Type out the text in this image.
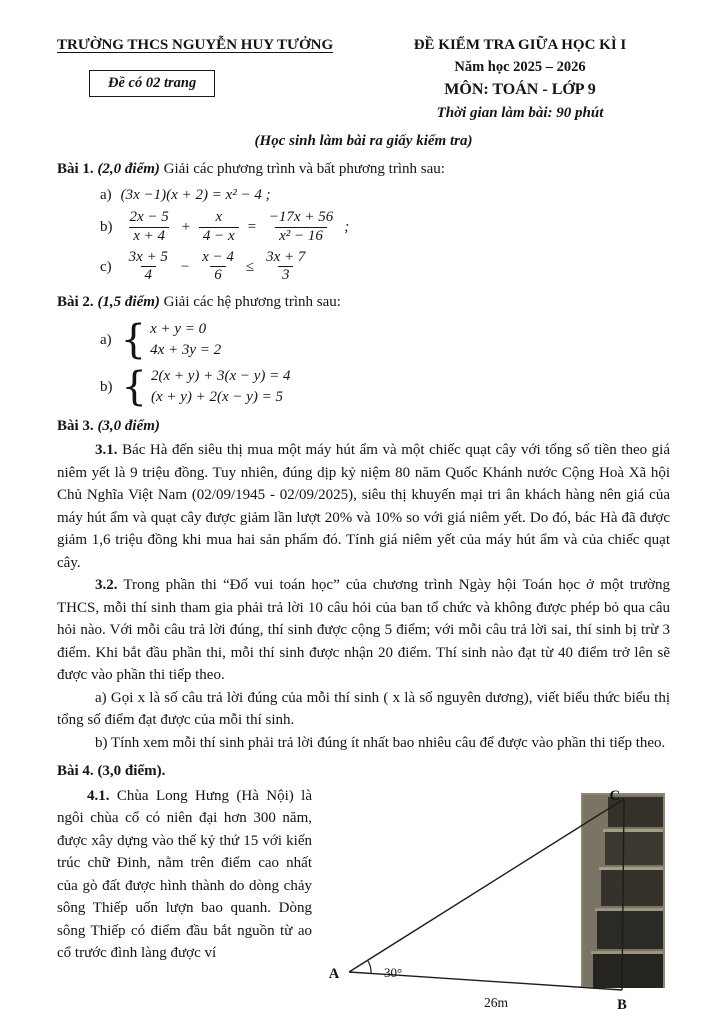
TRƯỜNG THCS NGUYỄN HUY TƯỞNG
Đề có 02 trang
ĐỀ KIỂM TRA GIỮA HỌC KÌ I
Năm học 2025 – 2026
MÔN: TOÁN - LỚP 9
Thời gian làm bài: 90 phút
(Học sinh làm bài ra giấy kiểm tra)

Bài 1. (2,0 điểm) Giải các phương trình và bất phương trình sau:

a) (3x −1)(x + 2) = x² − 4 ;
$b) \frac{2x - 5}{x + 4} + \frac{x}{4 - x} = \frac{-17x + 56}{\text{x² − 16}}$ ;
$c) \frac{3x + 5}{4} - \frac{x - 4}{6} \le \frac{3x + 7}{3}$

Bài 2. (1,5 điểm) Giải các hệ phương trình sau:

a) { x + y = 0
4x + 3y = 2
b) { 2(x + y) + 3(x − y) = 4
(x + y) + 2(x − y) = 5

Bài 3. (3,0 điểm)

3.1. Bác Hà đến siêu thị mua một máy hút ẩm và một chiếc quạt cây với tổng số tiền theo giá niêm yết là 9 triệu đồng. Tuy nhiên, đúng dịp kỷ niệm 80 năm Quốc Khánh nước Cộng Hoà Xã hội Chủ Nghĩa Việt Nam (02/09/1945 - 02/09/2025), siêu thị khuyến mại tri ân khách hàng nên giá của máy hút ẩm và quạt cây được giảm lần lượt 20% và 10% so với giá niêm yết. Do đó, bác Hà đã được giảm 1,6 triệu đồng khi mua hai sản phẩm đó. Tính giá niêm yết của máy hút ẩm và của chiếc quạt cây.

3.2. Trong phần thi “Đố vui toán học” của chương trình Ngày hội Toán học ở một trường THCS, mỗi thí sinh tham gia phải trả lời 10 câu hỏi của ban tổ chức và không được phép bỏ qua câu hỏi nào. Với mỗi câu trả lời đúng, thí sinh được cộng 5 điểm; với mỗi câu trả lời sai, thí sinh bị trừ 3 điểm. Khi bắt đầu phần thi, mỗi thí sinh được nhận 20 điểm. Thí sinh nào đạt từ 40 điểm trở lên sẽ được vào phần thi tiếp theo.

a) Gọi x là số câu trả lời đúng của mỗi thí sinh ( x là số nguyên dương), viết biểu thức biểu thị tổng số điểm đạt được của mỗi thí sinh.

b) Tính xem mỗi thí sinh phải trả lời đúng ít nhất bao nhiêu câu để được vào phần thi tiếp theo.

Bài 4. (3,0 điểm).

4.1. Chùa Long Hưng (Hà Nội) là ngôi chùa cổ có niên đại hơn 300 năm, được xây dựng vào thế kỷ thứ 15 với kiến trúc chữ Đinh, nằm trên điểm cao nhất của gò đất được hình thành do dòng chảy sông Thiếp uốn lượn bao quanh. Dòng sông Thiếp có điểm đầu bắt nguồn từ ao cổ trước đình làng được ví

A	30°
26m	B
C
